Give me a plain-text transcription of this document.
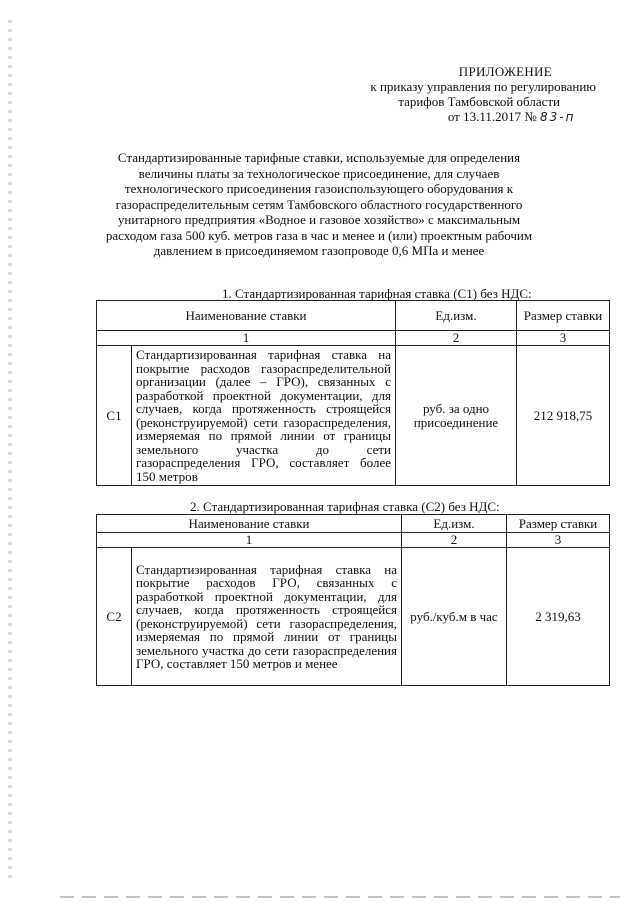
ПРИЛОЖЕНИЕ
к приказу управления по регулированию
тарифов Тамбовской области
от 13.11.2017 № 83-п
Стандартизированные тарифные ставки, используемые для определения величины платы за технологическое присоединение, для случаев технологического присоединения газоиспользующего оборудования к газораспределительным сетям Тамбовского областного государственного унитарного предприятия «Водное и газовое хозяйство» с максимальным расходом газа 500 куб. метров газа в час и менее и (или) проектным рабочим давлением в присоединяемом газопроводе 0,6 МПа и менее
1. Стандартизированная тарифная ставка (С1) без НДС:
Наименование ставки		Ед.изм.	Размер ставки
1		2	3
С1	Стандартизированная тарифная ставка на покрытие расходов газораспределительной организации (далее – ГРО), связанных с разработкой проектной документации, для случаев, когда протяженность строящейся (реконструируемой) сети газораспределения, измеряемая по прямой линии от границы земельного участка до сети газораспределения ГРО, составляет более 150 метров	руб. за одно присоединение	212 918,75
2. Стандартизированная тарифная ставка (С2) без НДС:
Наименование ставки		Ед.изм.	Размер ставки
1		2	3
С2	Стандартизированная тарифная ставка на покрытие расходов ГРО, связанных с разработкой проектной документации, для случаев, когда протяженность строящейся (реконструируемой) сети газораспределения, измеряемая по прямой линии от границы земельного участка до сети газораспределения ГРО, составляет 150 метров и менее	руб./куб.м в час	2 319,63
